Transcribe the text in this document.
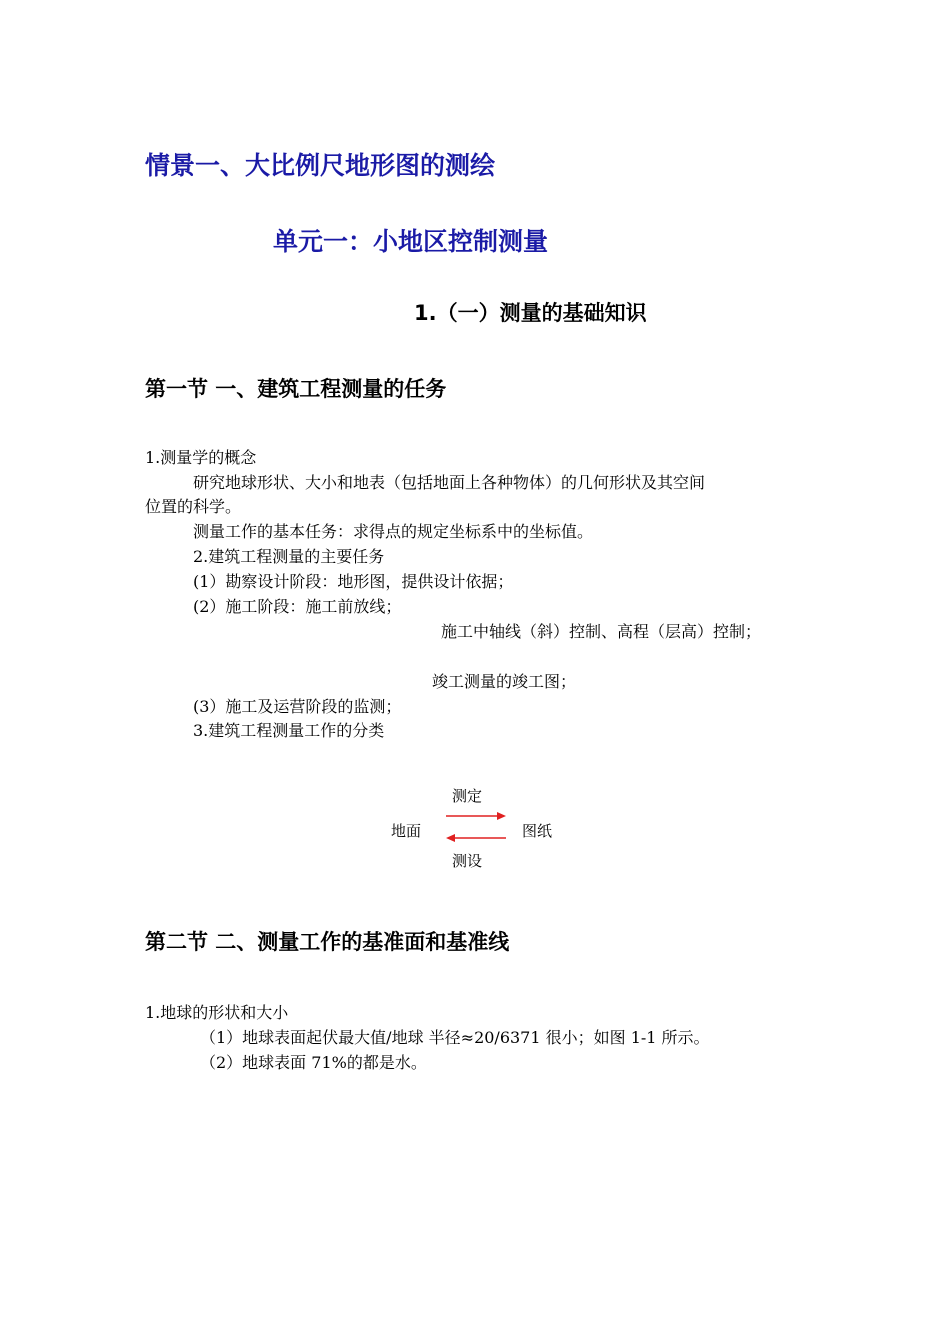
情景一、大比例尺地形图的测绘
单元一：小地区控制测量
1.（一）测量的基础知识
第一节 一、建筑工程测量的任务
1.测量学的概念
研究地球形状、大小和地表（包括地面上各种物体）的几何形状及其空间
位置的科学。
测量工作的基本任务：求得点的规定坐标系中的坐标值。
2.建筑工程测量的主要任务
(1）勘察设计阶段：地形图，提供设计依据；
(2）施工阶段：施工前放线；
施工中轴线（斜）控制、高程（层高）控制；
竣工测量的竣工图；
(3）施工及运营阶段的监测；
3.建筑工程测量工作的分类
测定
地面	图纸
测设
第二节 二、测量工作的基准面和基准线
1.地球的形状和大小
（1）地球表面起伏最大值/地球 半径≈20/6371 很小；如图 1-1 所示。
（2）地球表面 71%的都是水。
